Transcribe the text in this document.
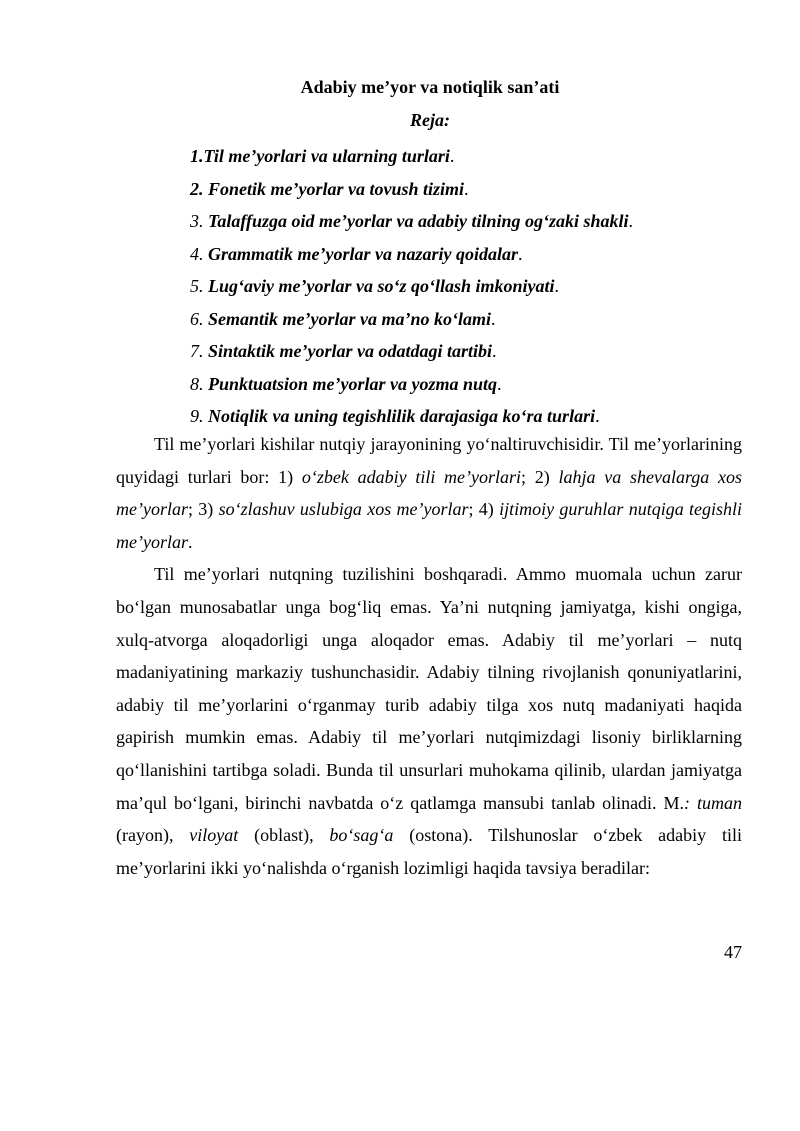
Adabiy me’yor va notiqlik san’ati
Reja:
1.Til me’yorlari va ularning turlari.
2. Fonetik me’yorlar va tovush tizimi.
3. Talaffuzga oid me’yorlar va adabiy tilning og‘zaki shakli.
4. Grammatik me’yorlar va nazariy qoidalar.
5. Lug‘aviy me’yorlar va so‘z qo‘llash imkoniyati.
6. Semantik me’yorlar va ma’no ko‘lami.
7. Sintaktik me’yorlar va odatdagi tartibi.
8. Punktuatsion me’yorlar va yozma nutq.
9. Notiqlik va uning tegishlilik darajasiga ko‘ra turlari.

Til me’yorlari kishilar nutqiy jarayonining yo‘naltiruvchisidir. Til me’yorlarining quyidagi turlari bor: 1) o‘zbek adabiy tili me’yorlari; 2) lahja va shevalarga xos me’yorlar; 3) so‘zlashuv uslubiga xos me’yorlar; 4) ijtimoiy guruhlar nutqiga tegishli me’yorlar.

Til me’yorlari nutqning tuzilishini boshqaradi. Ammo muomala uchun zarur bo‘lgan munosabatlar unga bog‘liq emas. Ya’ni nutqning jamiyatga, kishi ongiga, xulq-atvorga aloqadorligi unga aloqador emas. Adabiy til me’yorlari – nutq madaniyatining markaziy tushunchasidir. Adabiy tilning rivojlanish qonuniyatlarini, adabiy til me’yorlarini o‘rganmay turib adabiy tilga xos nutq madaniyati haqida gapirish mumkin emas. Adabiy til me’yorlari nutqimizdagi lisoniy birliklarning qo‘llanishini tartibga soladi. Bunda til unsurlari muhokama qilinib, ulardan jamiyatga ma’qul bo‘lgani, birinchi navbatda o‘z qatlamga mansubi tanlab olinadi. M.: tuman (rayon), viloyat (oblast), bo‘sag‘a (ostona). Tilshunoslar o‘zbek adabiy tili me’yorlarini ikki yo‘nalishda o‘rganish lozimligi haqida tavsiya beradilar:

47
